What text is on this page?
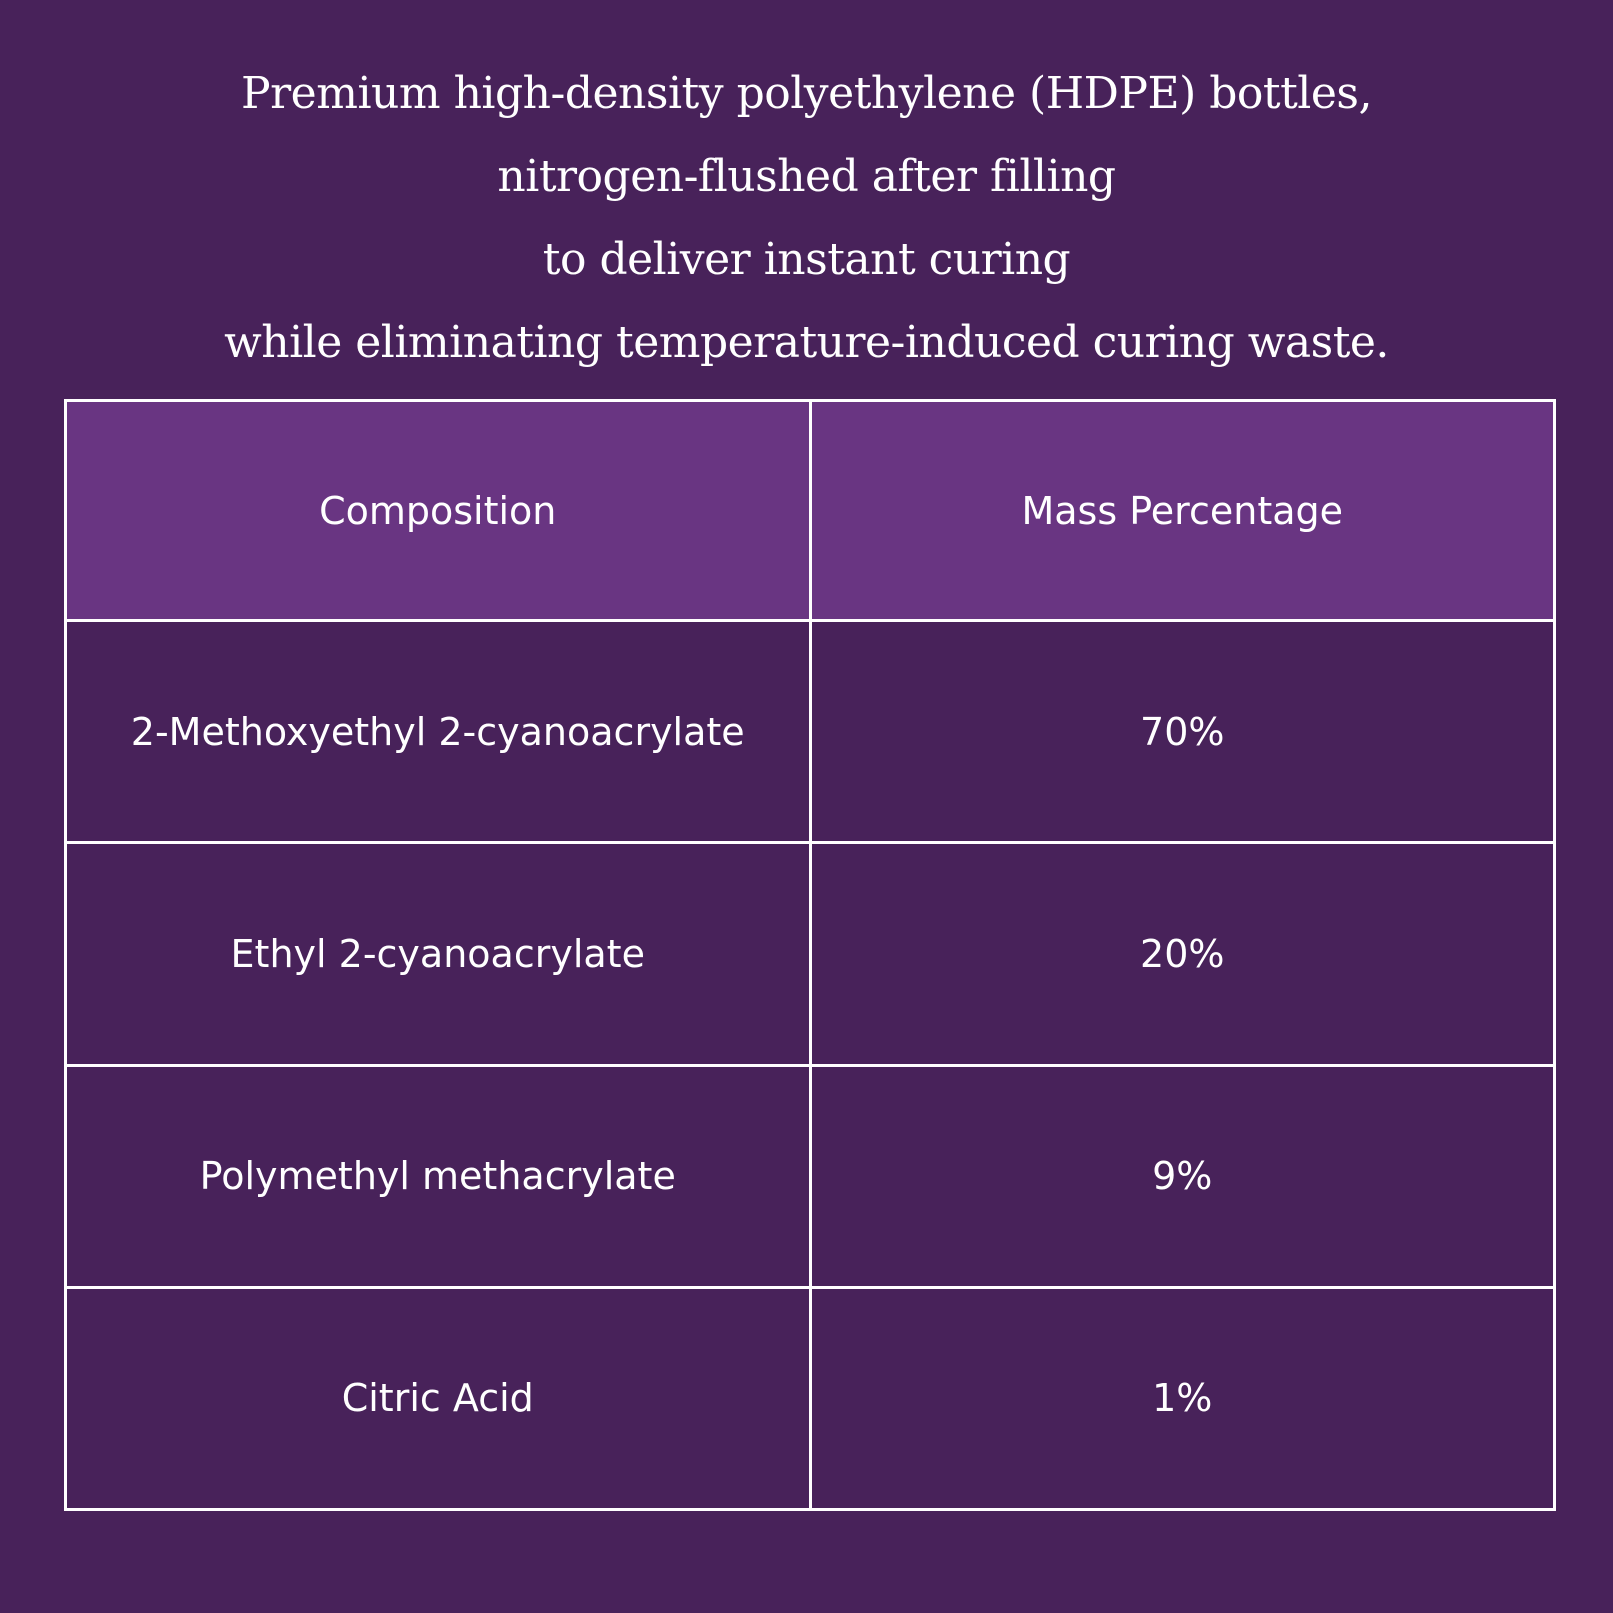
Premium high-density polyethylene (HDPE) bottles,
nitrogen-flushed after filling
to deliver instant curing
while eliminating temperature-induced curing waste.
Composition	Mass Percentage
2-Methoxyethyl 2-cyanoacrylate	70%
Ethyl 2-cyanoacrylate	20%
Polymethyl methacrylate	9%
Citric Acid	1%
